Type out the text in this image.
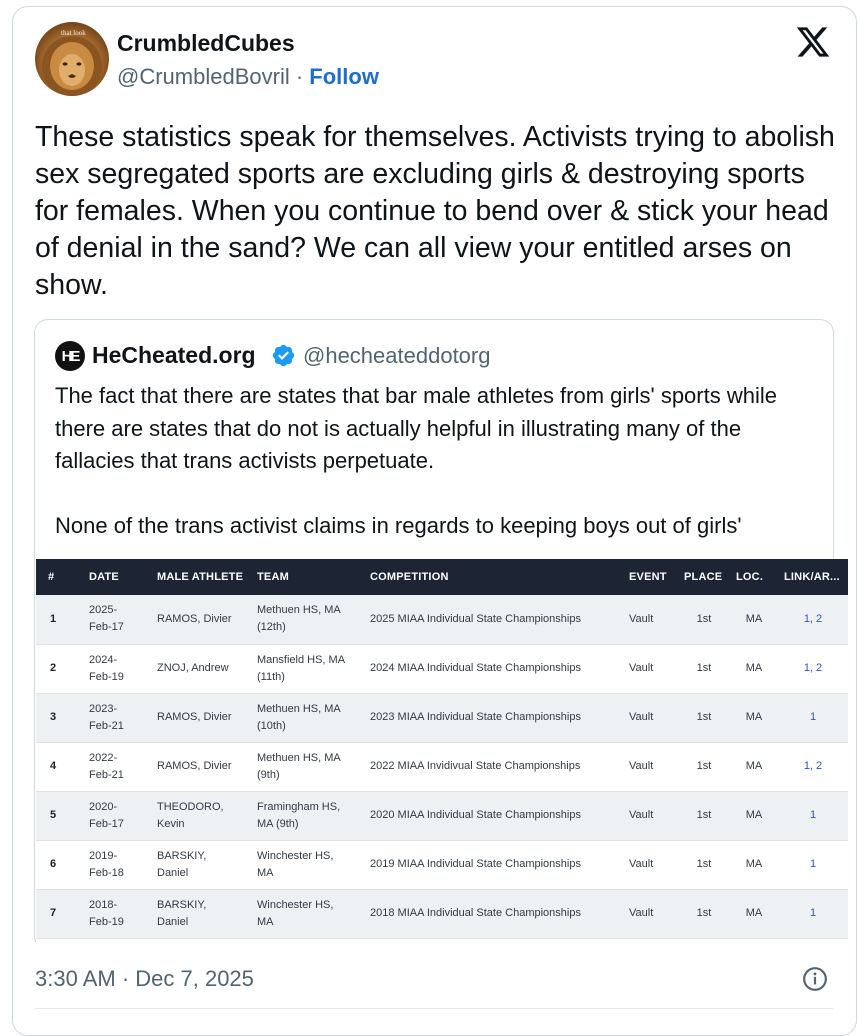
that look CrumbledCubes
@CrumbledBovril · Follow
These statistics speak for themselves. Activists trying to abolish sex segregated sports are excluding girls & destroying sports for females. When you continue to bend over & stick your head of denial in the sand? We can all view your entitled arses on show.
HE HeCheated.org @hecheateddotorg
The fact that there are states that bar male athletes from girls' sports while there are states that do not is actually helpful in illustrating many of the fallacies that trans activists perpetuate.
None of the trans activist claims in regards to keeping boys out of girls'
#	DATE	MALE ATHLETE	TEAM	COMPETITION	EVENT	PLACE	LOC.	LINK/AR...
1	2025-
Feb-17	RAMOS, Divier	Methuen HS, MA
(12th)	2025 MIAA Individual State Championships	Vault	1st	MA	1, 2
2	2024-
Feb-19	ZNOJ, Andrew	Mansfield HS, MA
(11th)	2024 MIAA Individual State Championships	Vault	1st	MA	1, 2
3	2023-
Feb-21	RAMOS, Divier	Methuen HS, MA
(10th)	2023 MIAA Individual State Championships	Vault	1st	MA	1
4	2022-
Feb-21	RAMOS, Divier	Methuen HS, MA
(9th)	2022 MIAA Invidivual State Championships	Vault	1st	MA	1, 2
5	2020-
Feb-17	THEODORO,
Kevin	Framingham HS,
MA (9th)	2020 MIAA Individual State Championships	Vault	1st	MA	1
6	2019-
Feb-18	BARSKIY,
Daniel	Winchester HS,
MA	2019 MIAA Individual State Championships	Vault	1st	MA	1
7	2018-
Feb-19	BARSKIY,
Daniel	Winchester HS,
MA	2018 MIAA Individual State Championships	Vault	1st	MA	1
3:30 AM · Dec 7, 2025
